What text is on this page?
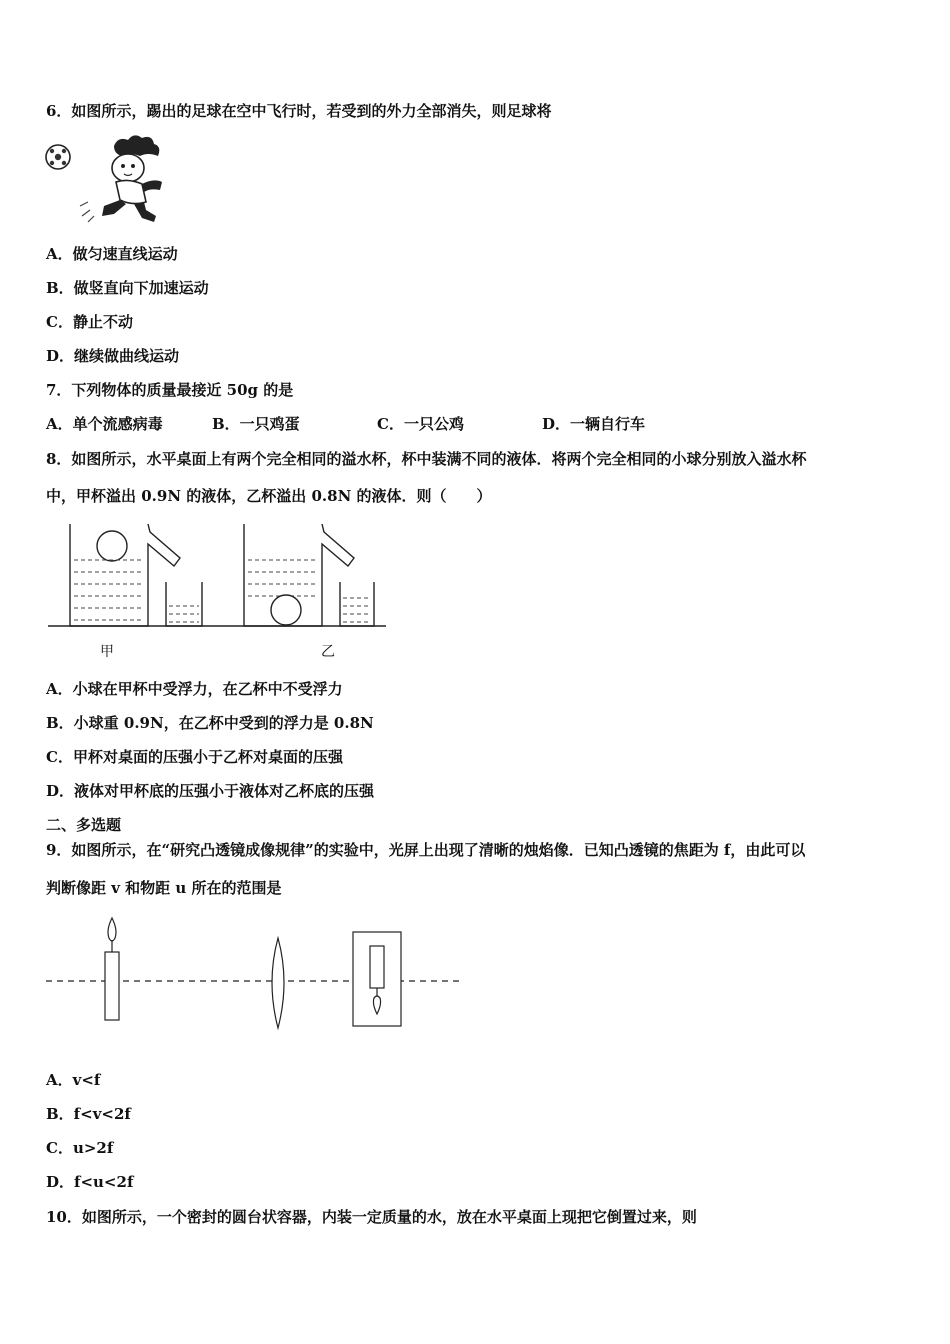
6．如图所示，踢出的足球在空中飞行时，若受到的外力全部消失，则足球将
A．做匀速直线运动
B．做竖直向下加速运动
C．静止不动
D．继续做曲线运动
7．下列物体的质量最接近 50g 的是
A．单个流感病毒	B．一只鸡蛋	C．一只公鸡	D．一辆自行车
8．如图所示，水平桌面上有两个完全相同的溢水杯，杯中装满不同的液体．将两个完全相同的小球分别放入溢水杯
中，甲杯溢出 0.9N 的液体，乙杯溢出 0.8N 的液体．则（　　）
甲	乙
A．小球在甲杯中受浮力，在乙杯中不受浮力
B．小球重 0.9N，在乙杯中受到的浮力是 0.8N
C．甲杯对桌面的压强小于乙杯对桌面的压强
D．液体对甲杯底的压强小于液体对乙杯底的压强
二、多选题
9．如图所示，在“研究凸透镜成像规律”的实验中，光屏上出现了清晰的烛焰像．已知凸透镜的焦距为 f，由此可以
判断像距 v 和物距 u 所在的范围是
A．v<f
B．f<v<2f
C．u>2f
D．f<u<2f
10．如图所示，一个密封的圆台状容器，内装一定质量的水，放在水平桌面上现把它倒置过来，则
